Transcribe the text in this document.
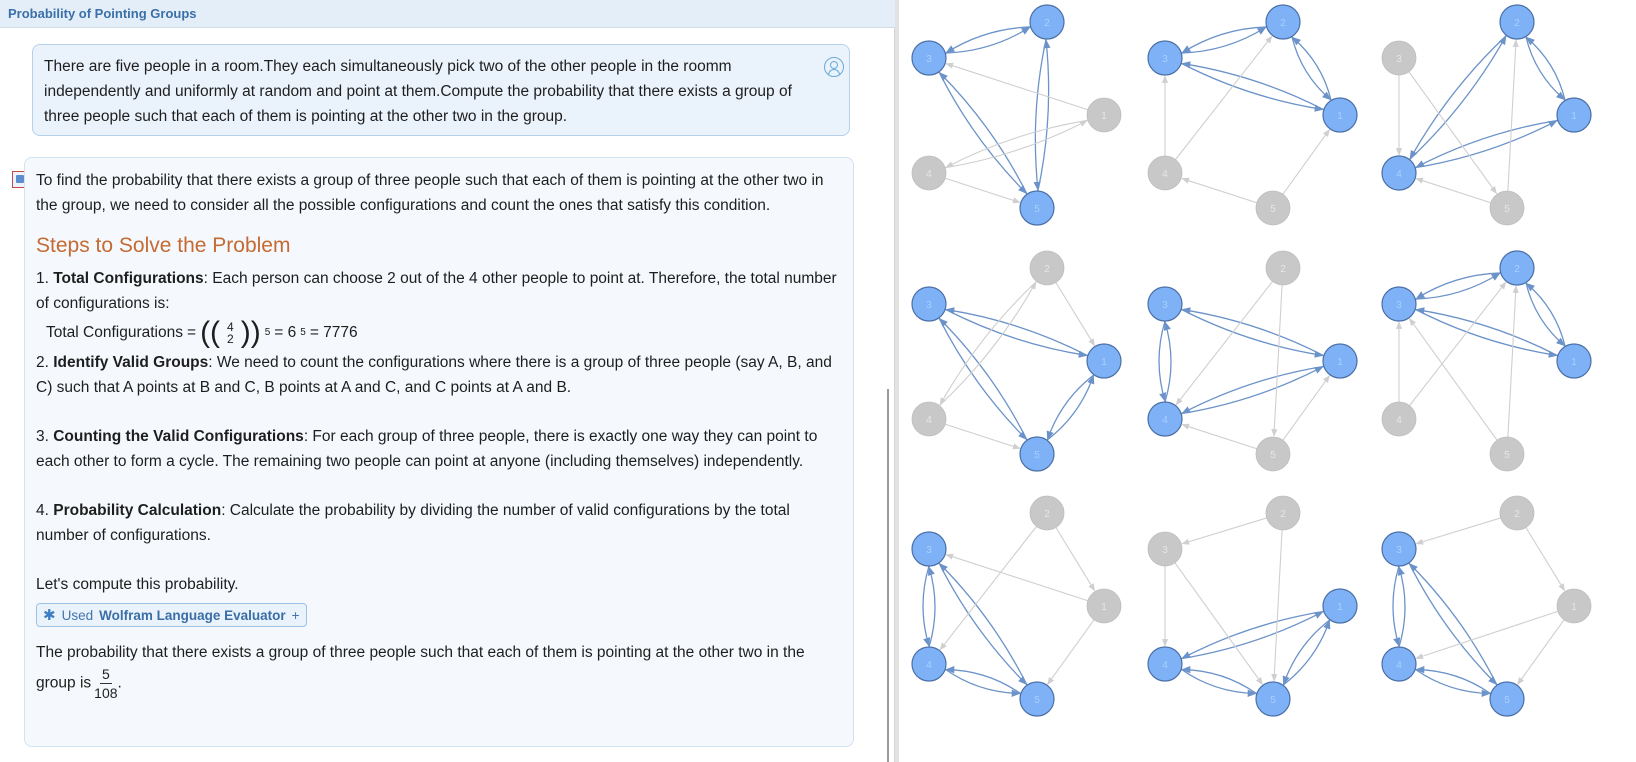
Probability of Pointing Groups
There are five people in a room.They each simultaneously pick two of the other people in the roomm independently and uniformly at random and point at them.Compute the probability that there exists a group of three people such that each of them is pointing at the other two in the group.

To find the probability that there exists a group of three people such that each of them is pointing at the other two in the group, we need to consider all the possible configurations and count the ones that satisfy this condition.

Steps to Solve the Problem

1. Total Configurations: Each person can choose 2 out of the 4 other people to point at. Therefore, the total number of configurations is:

Total Configurations = (( 4
2 )) 5 = 6 5 = 7776

2. Identify Valid Groups: We need to count the configurations where there is a group of three people (say A, B, and C) such that A points at B and C, B points at A and C, and C points at A and B.

3. Counting the Valid Configurations: For each group of three people, there is exactly one way they can point to each other to form a cycle. The remaining two people can point at anyone (including themselves) independently.

4. Probability Calculation: Calculate the probability by dividing the number of valid configurations by the total number of configurations.

Let's compute this probability.

✱ Used Wolfram Language Evaluator +

The probability that there exists a group of three people such that each of them is pointing at the other two in the group is $\frac{5}{108}$ .

1
2
3
4
5
1
2
3
4
5
1
2
3
4
5
1
2
3
4
5
1
2
3
4
5
1
2
3
4
5
1
2
3
4
5
1
2
3
4
5
1
2
3
4
5
